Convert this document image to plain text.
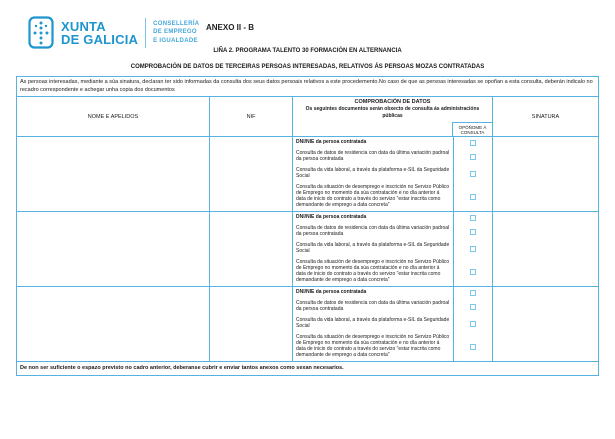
XUNTA
DE GALICIA
CONSELLERÍA
DE EMPREGO
E IGUALDADE
ANEXO II - B
LIÑA 2. PROGRAMA TALENTO 30 FORMACIÓN EN ALTERNANCIA
COMPROBACIÓN DE DATOS DE TERCEIRAS PERSOAS INTERESADAS, RELATIVOS ÁS PERSOAS MOZAS CONTRATADAS
As persoas interesadas, mediante a súa sinatura, declaran ter sido informadas da consulta dos seus datos persoais relativos a este procedemento.No caso de que as persoas interesadas se opoñan a esta consulta, deberán indicalo no recadro correspondente e achegar unha copia dos documentos
NOME E APELIDOS	NIF
COMPROBACIÓN DE DATOS
Os seguintes documentos serán obxecto de consulta ás administracións públicas
OPÓÑOME Á CONSULTA
SINATURA
DNI/NIE da persoa contratada
Consulta de datos de residencia con data da última variación padroal da persoa contratada
Consulta da vida laboral, a través da plataforma e-SIL da Seguridade Social
Consulta da situación de desemprego e inscrición no Servizo Público de Emprego no momento da súa contratación e no día anterior á data de inicio do contrato a través do servizo "estar inscrita como demandante de emprego a data concreta"
DNI/NIE da persoa contratada
Consulta de datos de residencia con data da última variación padroal da persoa contratada
Consulta da vida laboral, a través da plataforma e-SIL da Seguridade Social
Consulta da situación de desemprego e inscrición no Servizo Público de Emprego no momento da súa contratación e no día anterior á data de inicio do contrato a través do servizo "estar inscrita como demandante de emprego a data concreta"
DNI/NIE da persoa contratada
Consulta de datos de residencia con data da última variación padroal da persoa contratada
Consulta da vida laboral, a través da plataforma e-SIL da Seguridade Social
Consulta da situación de desemprego e inscrición no Servizo Público de Emprego no momento da súa contratación e no día anterior á data de inicio do contrato a través do servizo "estar inscrita como demandante de emprego a data concreta"
De non ser suficiente o espazo previsto no cadro anterior, deberanse cubrir e enviar tantos anexos como sexan necesarios.
